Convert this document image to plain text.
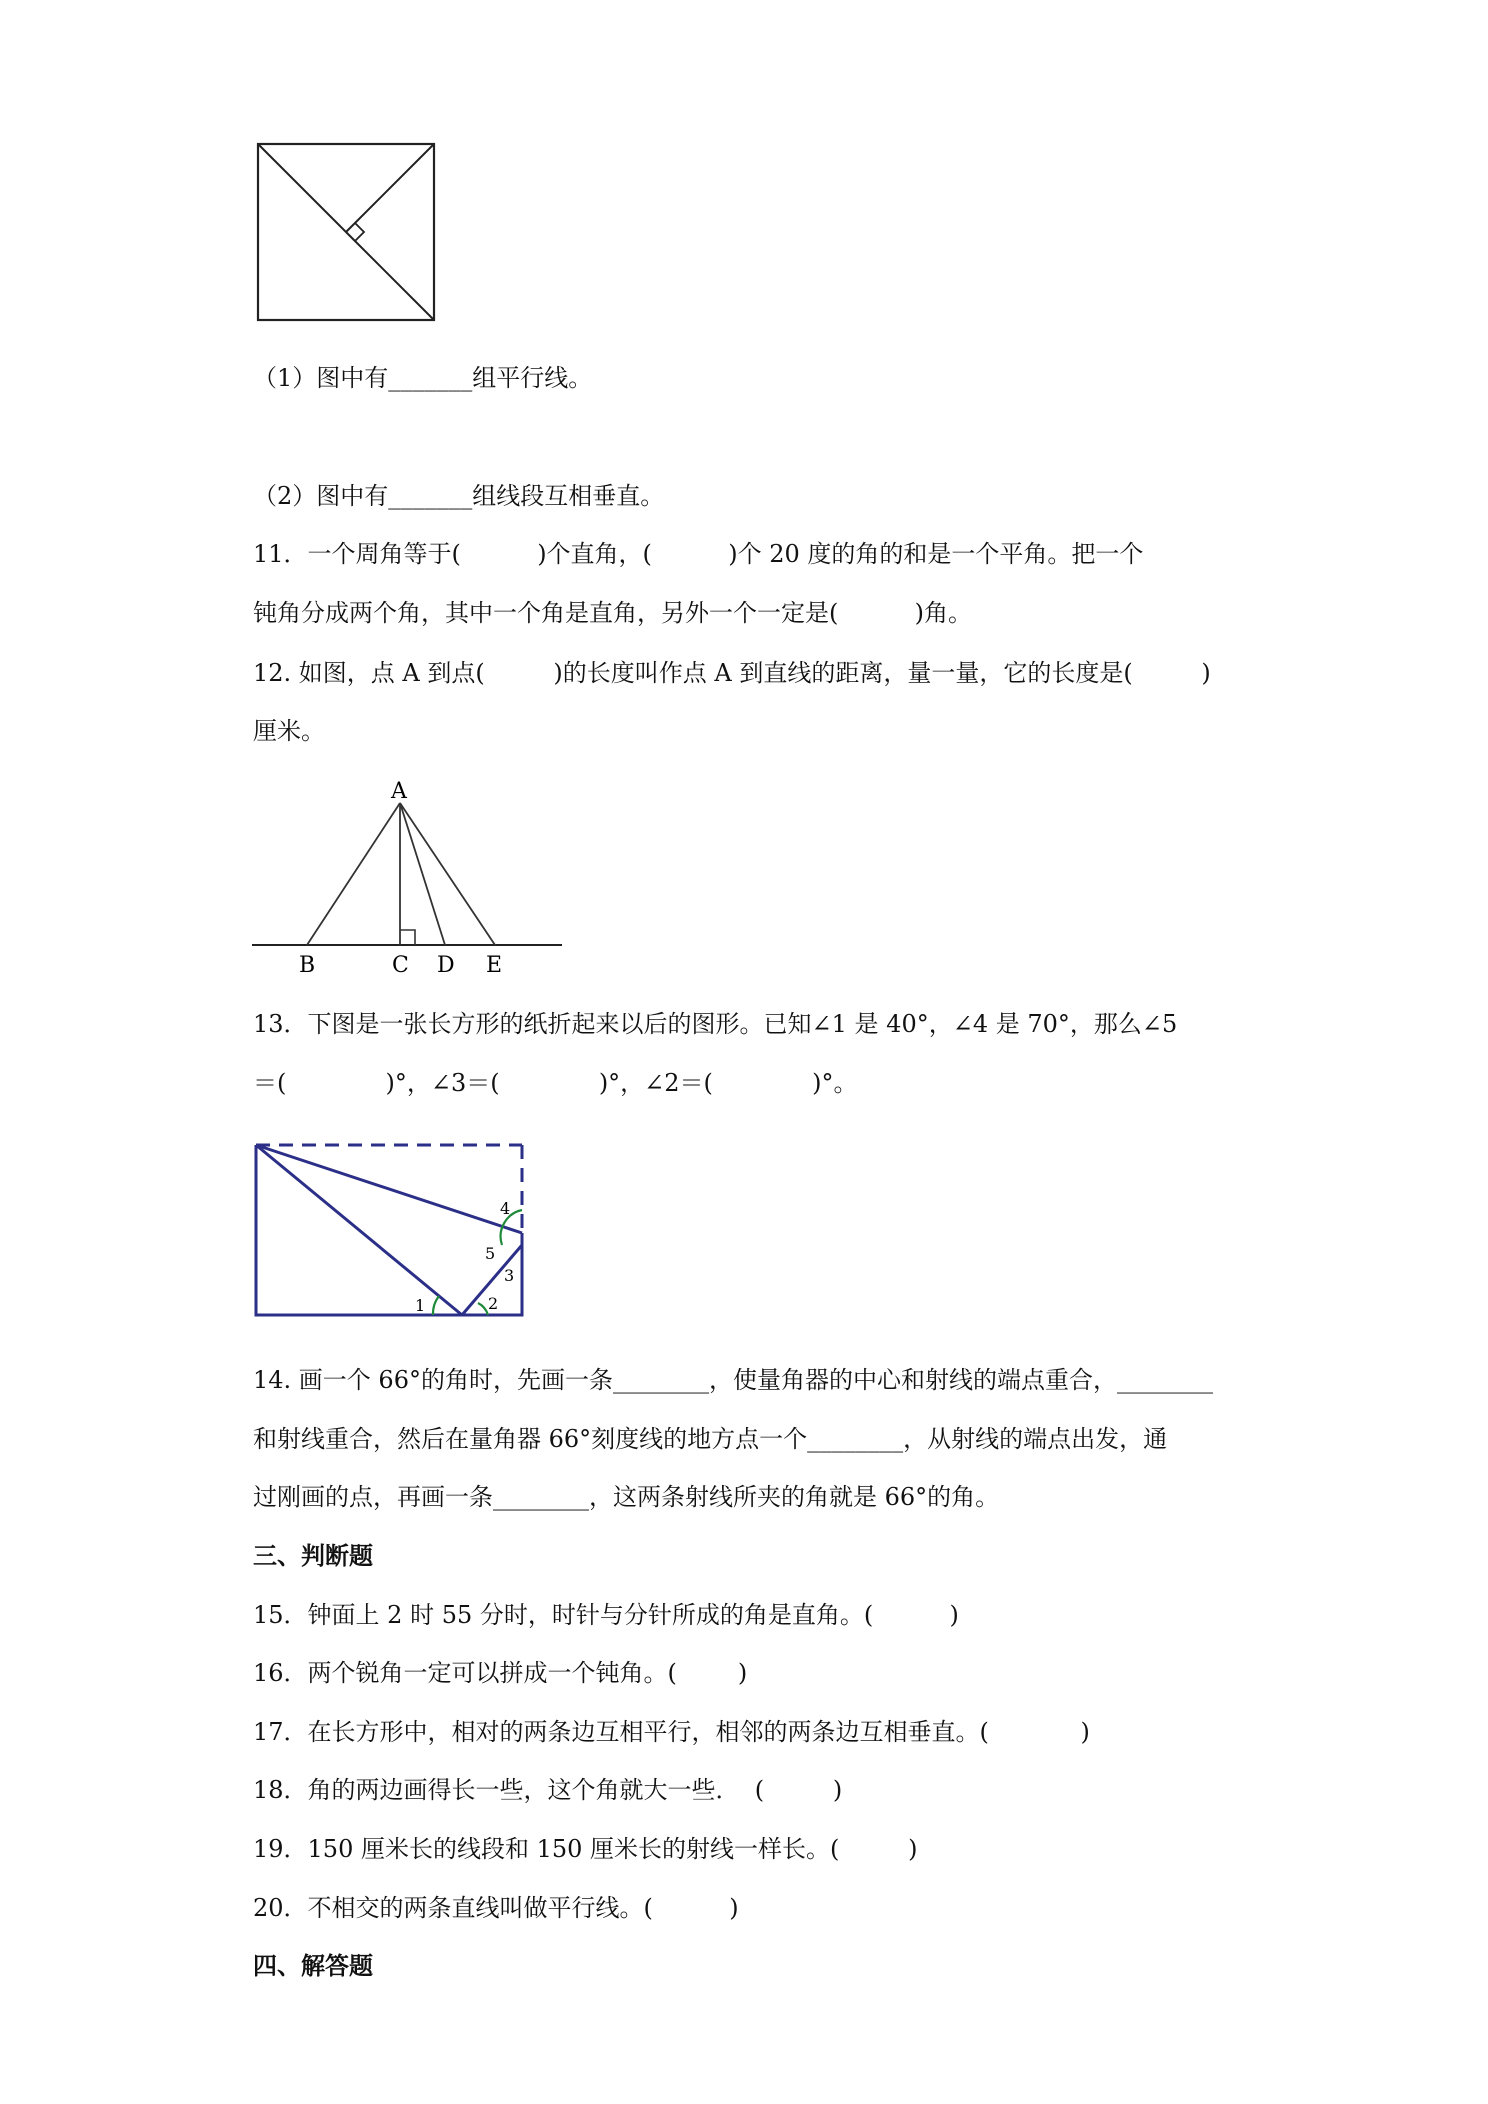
（1）图中有_______组平行线。
（2）图中有_______组线段互相垂直。
11．一个周角等于(          )个直角，(          )个 20 度的角的和是一个平角。把一个
钝角分成两个角，其中一个角是直角，另外一个一定是(          )角。
12. 如图，点 A 到点(         )的长度叫作点 A 到直线的距离，量一量，它的长度是(         )
厘米。
A
B	C D E
13．下图是一张长方形的纸折起来以后的图形。已知∠1 是 40°，∠4 是 70°，那么∠5
＝(             )°，∠3＝(             )°，∠2＝(             )°。
1	2
3
4
5
14. 画一个 66°的角时，先画一条________，使量角器的中心和射线的端点重合，________
和射线重合，然后在量角器 66°刻度线的地方点一个________，从射线的端点出发，通
过刚画的点，再画一条________，这两条射线所夹的角就是 66°的角。
三、判断题
15．钟面上 2 时 55 分时，时针与分针所成的角是直角。(          )
16．两个锐角一定可以拼成一个钝角。(        )
17．在长方形中，相对的两条边互相平行，相邻的两条边互相垂直。(            )
18．角的两边画得长一些，这个角就大一些．  (         )
19．150 厘米长的线段和 150 厘米长的射线一样长。(         )
20．不相交的两条直线叫做平行线。(          )
四、解答题
